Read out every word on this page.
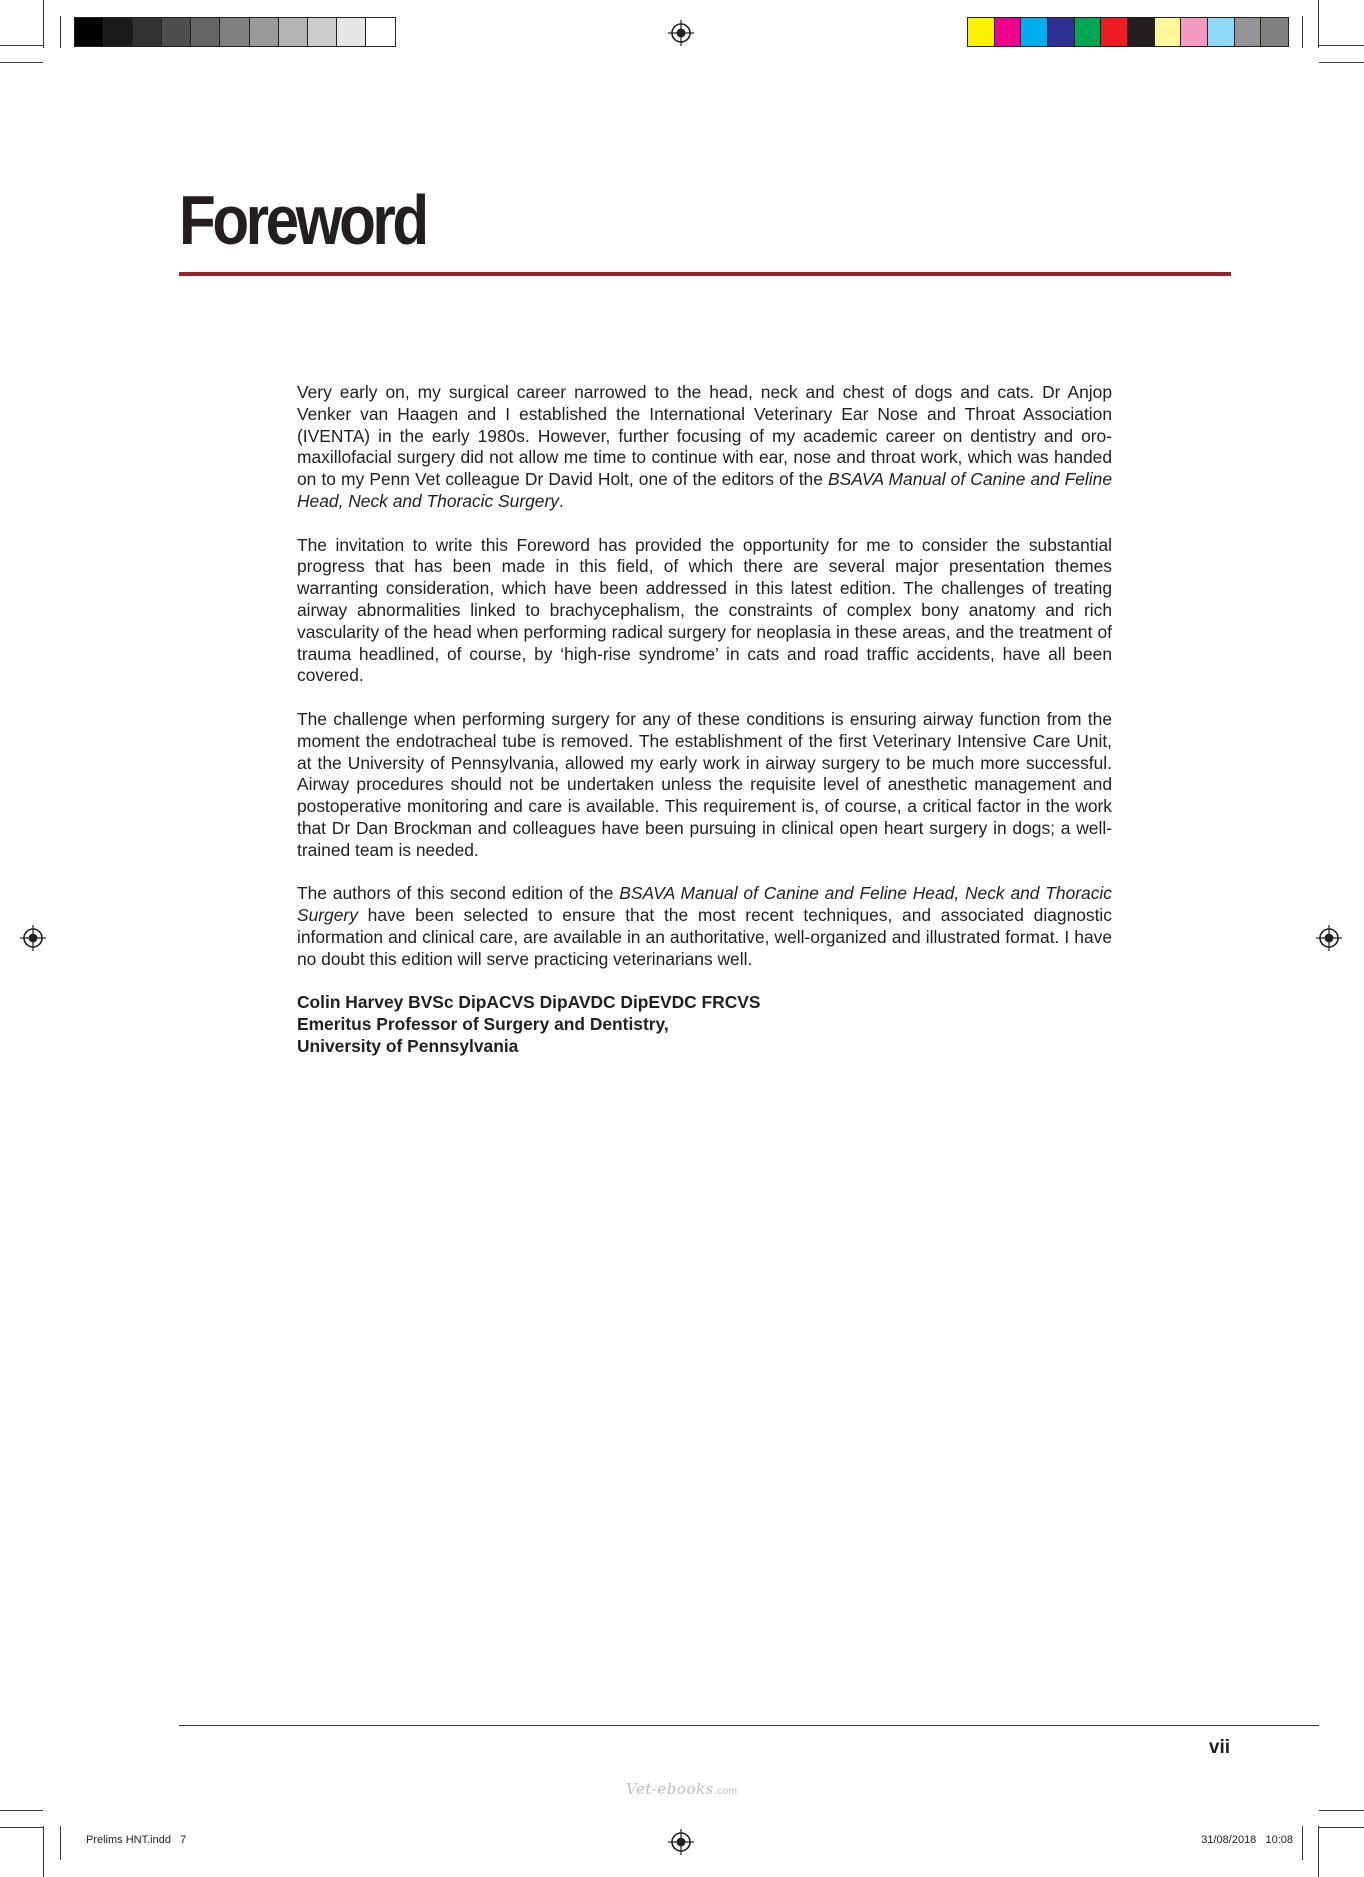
Foreword

Very early on, my surgical career narrowed to the head, neck and chest of dogs and cats. Dr Anjop Venker van Haagen and I established the International Veterinary Ear Nose and Throat Association (IVENTA) in the early 1980s. However, further focusing of my academic career on dentistry and oro-maxillofacial surgery did not allow me time to continue with ear, nose and throat work, which was handed on to my Penn Vet colleague Dr David Holt, one of the editors of the BSAVA Manual of Canine and Feline Head, Neck and Thoracic Surgery.

The invitation to write this Foreword has provided the opportunity for me to consider the substantial progress that has been made in this field, of which there are several major presentation themes warranting consideration, which have been addressed in this latest edition. The challenges of treating airway abnormalities linked to brachycephalism, the constraints of complex bony anatomy and rich vascularity of the head when performing radical surgery for neoplasia in these areas, and the treatment of trauma headlined, of course, by ‘high-rise syndrome’ in cats and road traffic accidents, have all been covered.

The challenge when performing surgery for any of these conditions is ensuring airway function from the moment the endotracheal tube is removed. The establishment of the first Veterinary Intensive Care Unit, at the University of Pennsylvania, allowed my early work in airway surgery to be much more successful. Airway procedures should not be undertaken unless the requisite level of anesthetic management and postoperative monitoring and care is available. This requirement is, of course, a critical factor in the work that Dr Dan Brockman and colleagues have been pursuing in clinical open heart surgery in dogs; a well-trained team is needed.

The authors of this second edition of the BSAVA Manual of Canine and Feline Head, Neck and Thoracic Surgery have been selected to ensure that the most recent techniques, and associated diagnostic information and clinical care, are available in an authoritative, well-organized and illustrated format. I have no doubt this edition will serve practicing veterinarians well.

Colin Harvey BVSc DipACVS DipAVDC DipEVDC FRCVS
Emeritus Professor of Surgery and Dentistry,
University of Pennsylvania
vii
Vet-ebooks.com
Prelims HNT.indd   7	31/08/2018   10:08
